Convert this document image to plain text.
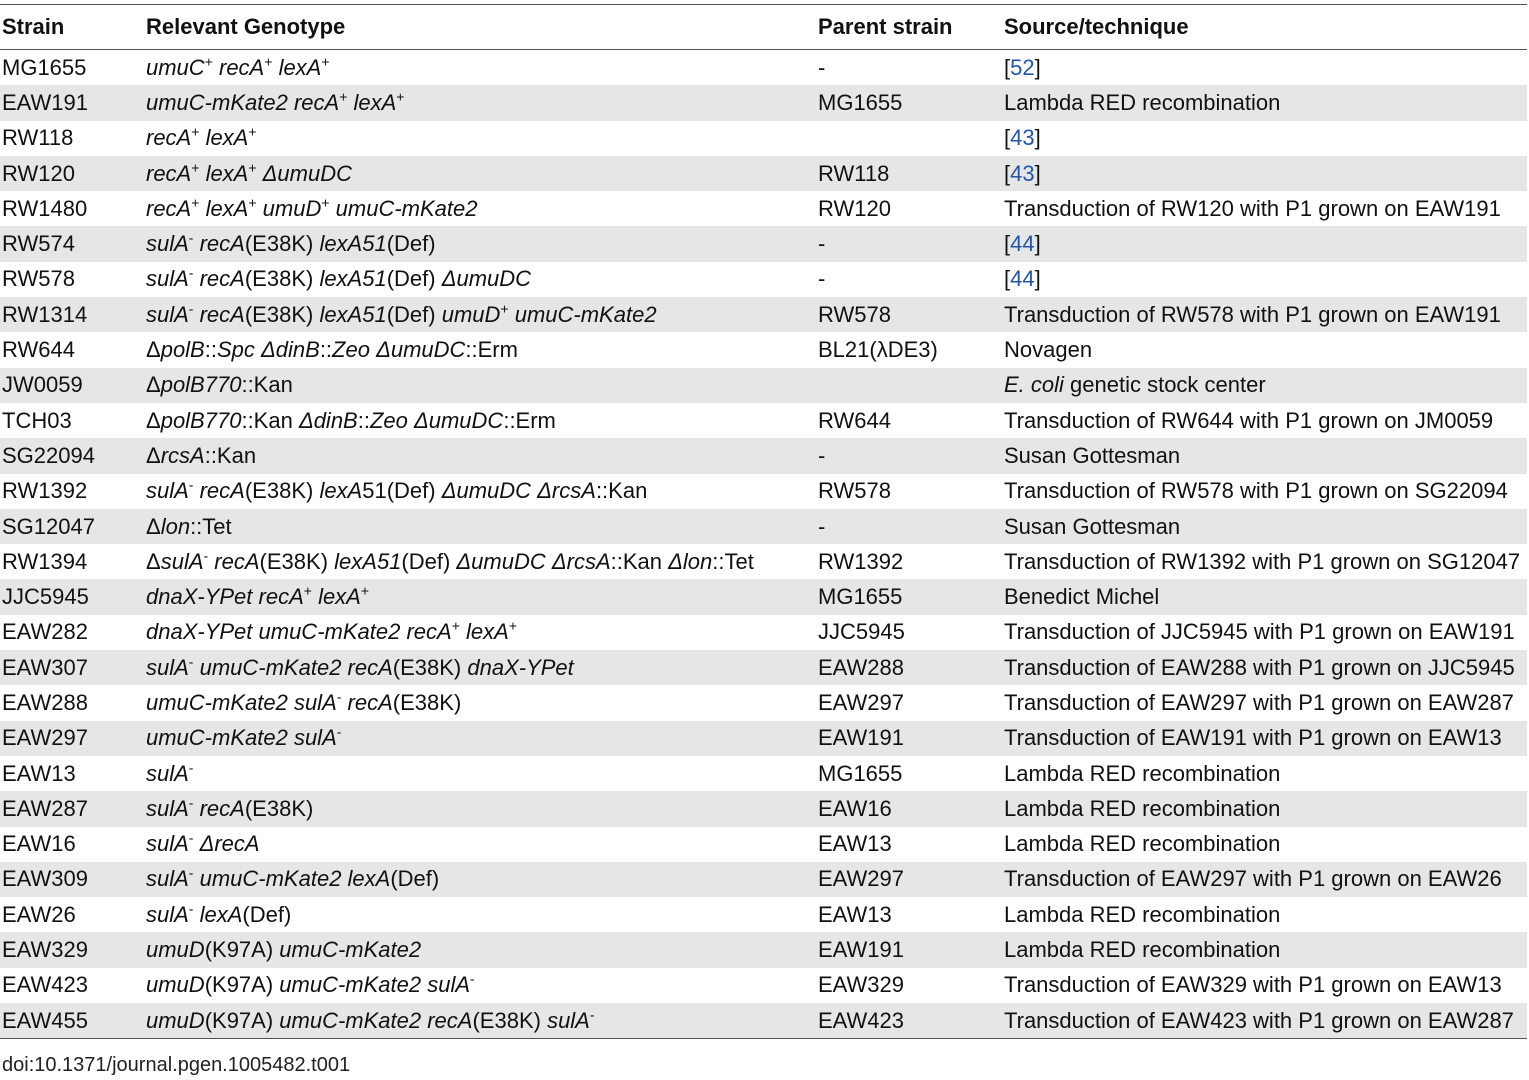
Strain	Relevant Genotype	Parent strain	Source/technique
MG1655	umuC+ recA+ lexA+	-	[52]
EAW191	umuC-mKate2 recA+ lexA+	MG1655	Lambda RED recombination
RW118	recA+ lexA+		[43]
RW120	recA+ lexA+ ΔumuDC	RW118	[43]
RW1480	recA+ lexA+ umuD+ umuC-mKate2	RW120	Transduction of RW120 with P1 grown on EAW191
RW574	sulA- recA(E38K) lexA51(Def)	-	[44]
RW578	sulA- recA(E38K) lexA51(Def) ΔumuDC	-	[44]
RW1314	sulA- recA(E38K) lexA51(Def) umuD+ umuC-mKate2	RW578	Transduction of RW578 with P1 grown on EAW191
RW644	ΔpolB::Spc ΔdinB::Zeo ΔumuDC::Erm	BL21(λDE3)	Novagen
JW0059	ΔpolB770::Kan		E. coli genetic stock center
TCH03	ΔpolB770::Kan ΔdinB::Zeo ΔumuDC::Erm	RW644	Transduction of RW644 with P1 grown on JM0059
SG22094	ΔrcsA::Kan	-	Susan Gottesman
RW1392	sulA- recA(E38K) lexA51(Def) ΔumuDC ΔrcsA::Kan	RW578	Transduction of RW578 with P1 grown on SG22094
SG12047	Δlon::Tet	-	Susan Gottesman
RW1394	ΔsulA- recA(E38K) lexA51(Def) ΔumuDC ΔrcsA::Kan Δlon::Tet	RW1392	Transduction of RW1392 with P1 grown on SG12047
JJC5945	dnaX-YPet recA+ lexA+	MG1655	Benedict Michel
EAW282	dnaX-YPet umuC-mKate2 recA+ lexA+	JJC5945	Transduction of JJC5945 with P1 grown on EAW191
EAW307	sulA- umuC-mKate2 recA(E38K) dnaX-YPet	EAW288	Transduction of EAW288 with P1 grown on JJC5945
EAW288	umuC-mKate2 sulA- recA(E38K)	EAW297	Transduction of EAW297 with P1 grown on EAW287
EAW297	umuC-mKate2 sulA-	EAW191	Transduction of EAW191 with P1 grown on EAW13
EAW13	sulA-	MG1655	Lambda RED recombination
EAW287	sulA- recA(E38K)	EAW16	Lambda RED recombination
EAW16	sulA- ΔrecA	EAW13	Lambda RED recombination
EAW309	sulA- umuC-mKate2 lexA(Def)	EAW297	Transduction of EAW297 with P1 grown on EAW26
EAW26	sulA- lexA(Def)	EAW13	Lambda RED recombination
EAW329	umuD(K97A) umuC-mKate2	EAW191	Lambda RED recombination
EAW423	umuD(K97A) umuC-mKate2 sulA-	EAW329	Transduction of EAW329 with P1 grown on EAW13
EAW455	umuD(K97A) umuC-mKate2 recA(E38K) sulA-	EAW423	Transduction of EAW423 with P1 grown on EAW287
doi:10.1371/journal.pgen.1005482.t001
